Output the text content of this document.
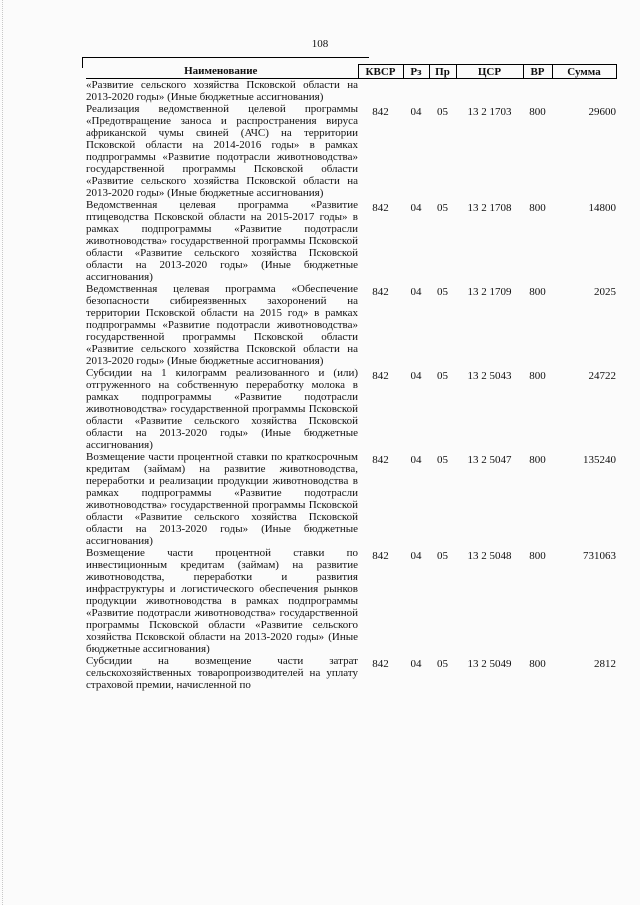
108
Наименование	КВСР	Рз	Пр	ЦСР	ВР	Сумма
«Развитие сельского хозяйства Псковской области на 2013-2020 годы» (Иные бюджетные ассигнования)						
Реализация ведомственной целевой программы «Предотвращение заноса и распространения вируса африканской чумы свиней (АЧС) на территории Псковской области на 2014-2016 годы» в рамках подпрограммы «Развитие подотрасли животноводства» государственной программы Псковской области «Развитие сельского хозяйства Псковской области на 2013-2020 годы» (Иные бюджетные ассигнования)	842	04	05	13 2 1703	800	29600
Ведомственная целевая программа «Развитие птицеводства Псковской области на 2015-2017 годы» в рамках подпрограммы «Развитие подотрасли животноводства» государственной программы Псковской области «Развитие сельского хозяйства Псковской области на 2013-2020 годы» (Иные бюджетные ассигнования)	842	04	05	13 2 1708	800	14800
Ведомственная целевая программа «Обеспечение безопасности сибиреязвенных захоронений на территории Псковской области на 2015 год» в рамках подпрограммы «Развитие подотрасли животноводства» государственной программы Псковской области «Развитие сельского хозяйства Псковской области на 2013-2020 годы» (Иные бюджетные ассигнования)	842	04	05	13 2 1709	800	2025
Субсидии на 1 килограмм реализованного и (или) отгруженного на собственную переработку молока в рамках подпрограммы «Развитие подотрасли животноводства» государственной программы Псковской области «Развитие сельского хозяйства Псковской области на 2013-2020 годы» (Иные бюджетные ассигнования)	842	04	05	13 2 5043	800	24722
Возмещение части процентной ставки по краткосрочным кредитам (займам) на развитие животноводства, переработки и реализации продукции животноводства в рамках подпрограммы «Развитие подотрасли животноводства» государственной программы Псковской области «Развитие сельского хозяйства Псковской области на 2013-2020 годы» (Иные бюджетные ассигнования)	842	04	05	13 2 5047	800	135240
Возмещение части процентной ставки по инвестиционным кредитам (займам) на развитие животноводства, переработки и развития инфраструктуры и логистического обеспечения рынков продукции животноводства в рамках подпрограммы «Развитие подотрасли животноводства» государственной программы Псковской области «Развитие сельского хозяйства Псковской области на 2013-2020 годы» (Иные бюджетные ассигнования)	842	04	05	13 2 5048	800	731063
Субсидии на возмещение части затрат сельскохозяйственных товаропроизводителей на уплату страховой премии, начисленной по	842	04	05	13 2 5049	800	2812
